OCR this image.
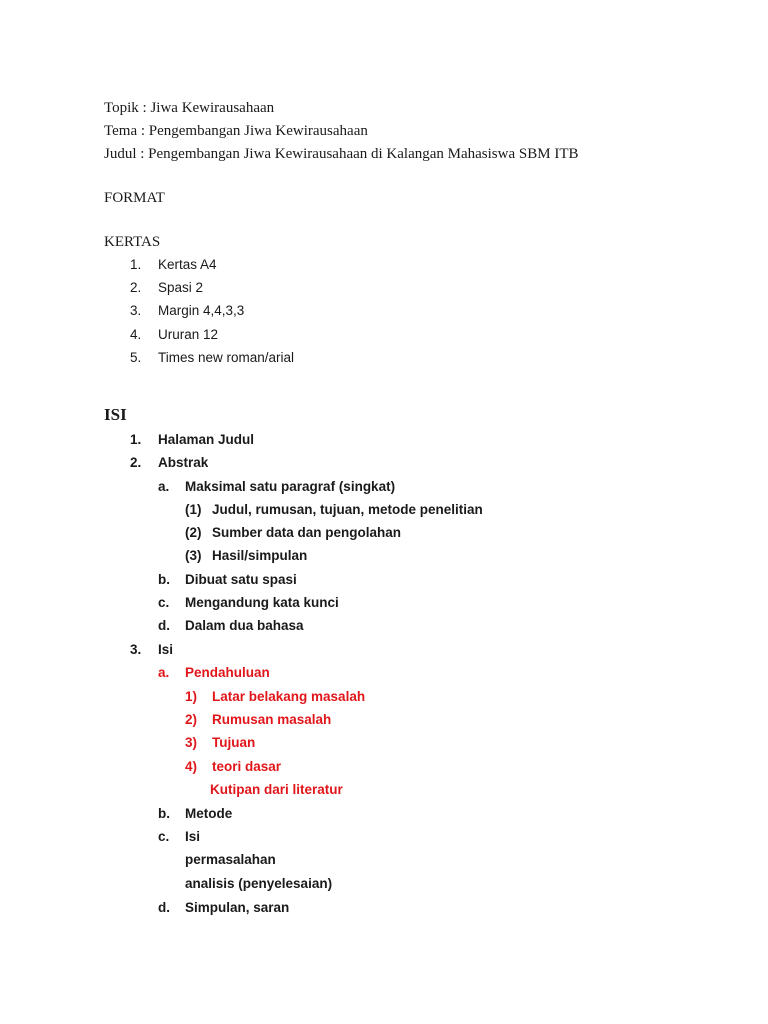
Topik : Jiwa Kewirausahaan
Tema : Pengembangan Jiwa Kewirausahaan
Judul : Pengembangan Jiwa Kewirausahaan di Kalangan Mahasiswa SBM ITB
FORMAT
KERTAS
1. Kertas A4
2. Spasi 2
3. Margin 4,4,3,3
4. Ururan 12
5. Times new roman/arial
ISI
1. Halaman Judul
2. Abstrak
a. Maksimal satu paragraf (singkat)
(1) Judul, rumusan, tujuan, metode penelitian
(2) Sumber data dan pengolahan
(3) Hasil/simpulan
b. Dibuat satu spasi
c. Mengandung kata kunci
d. Dalam dua bahasa
3. Isi
a. Pendahuluan
1) Latar belakang masalah
2) Rumusan masalah
3) Tujuan
4) teori dasar
Kutipan dari literatur
b. Metode
c. Isi
permasalahan
analisis (penyelesaian)
d. Simpulan, saran
